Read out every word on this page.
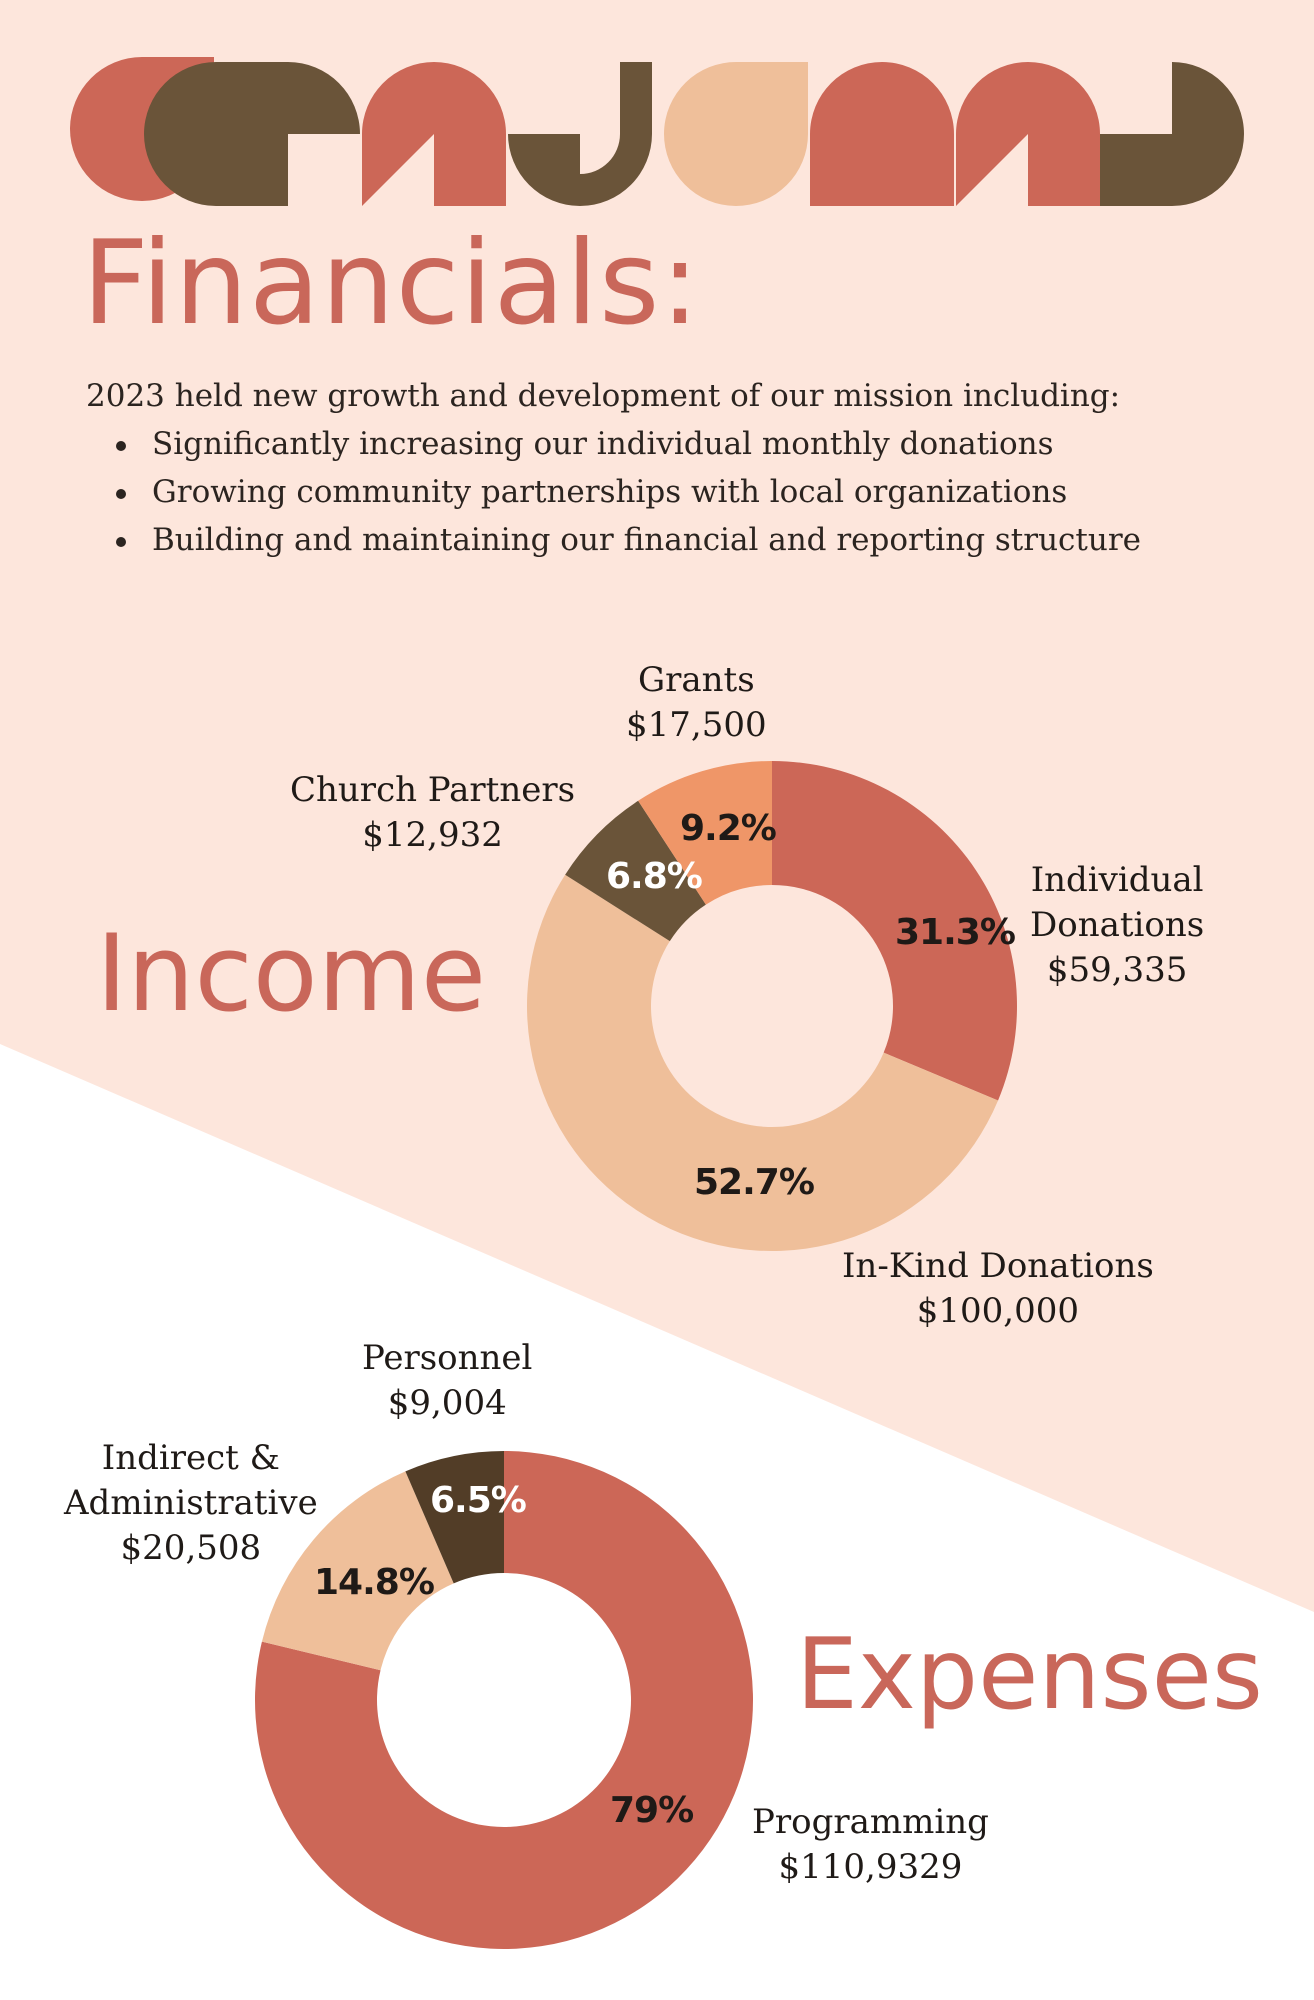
Financials:
2023 held new growth and development of our mission including:
Significantly increasing our individual monthly donations
Growing community partnerships with local organizations
Building and maintaining our financial and reporting structure
Income
Expenses
31.3%
52.7%
6.8%
9.2%
Individual
Donations
$59,335
In-Kind Donations
$100,000
Church Partners
$12,932
Grants
$17,500
79%
14.8%
6.5%
Programming
$110,9329
Indirect &
Administrative
$20,508
Personnel
$9,004
